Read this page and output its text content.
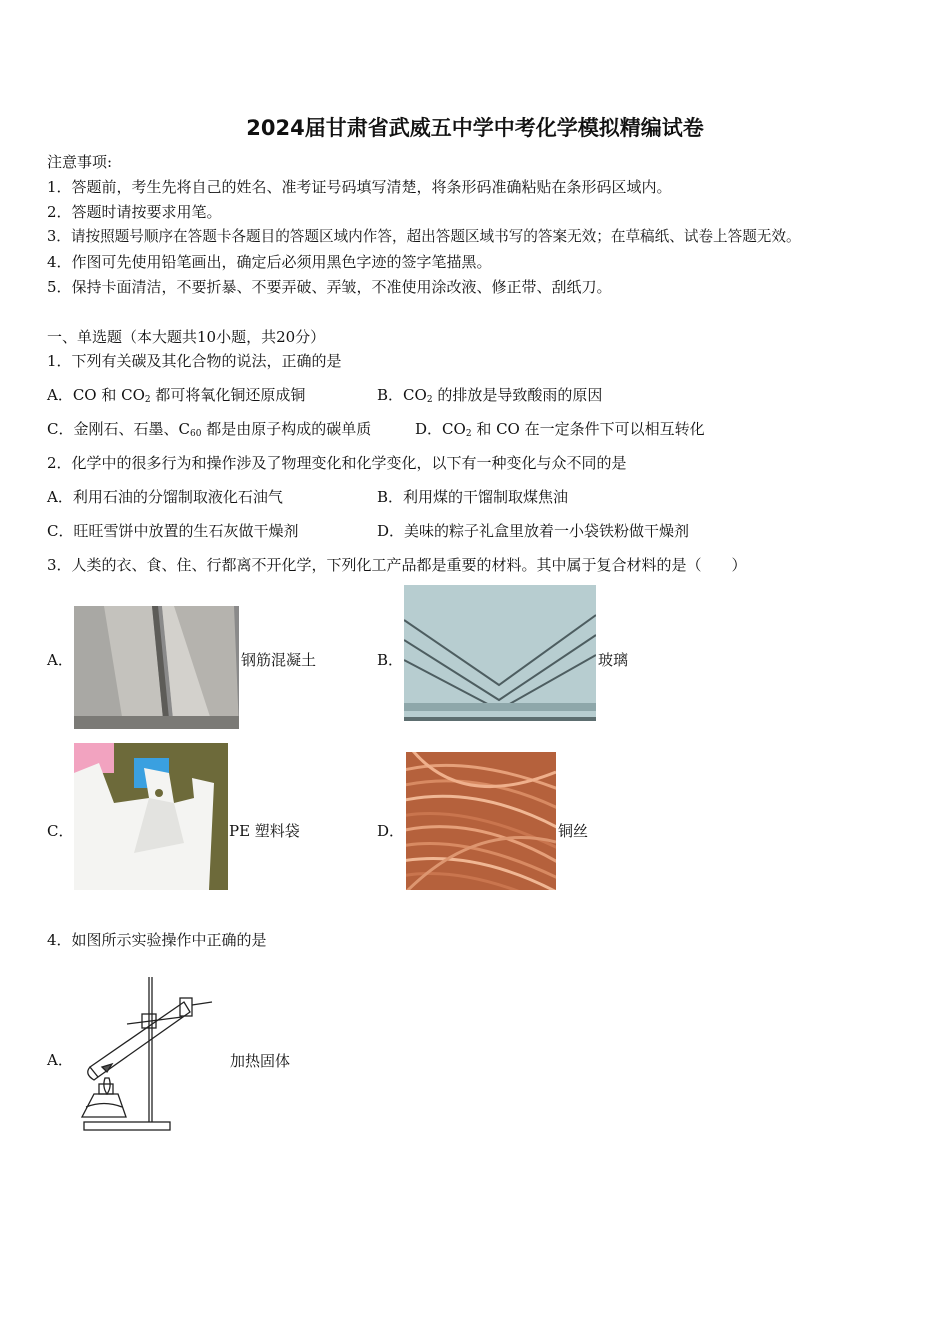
2024届甘肃省武威五中学中考化学模拟精编试卷
注意事项:
1．答题前，考生先将自己的姓名、准考证号码填写清楚，将条形码准确粘贴在条形码区域内。
2．答题时请按要求用笔。
3．请按照题号顺序在答题卡各题目的答题区域内作答，超出答题区域书写的答案无效；在草稿纸、试卷上答题无效。
4．作图可先使用铅笔画出，确定后必须用黑色字迹的签字笔描黑。
5．保持卡面清洁，不要折暴、不要弄破、弄皱，不准使用涂改液、修正带、刮纸刀。
一、单选题（本大题共10小题，共20分）
1．下列有关碳及其化合物的说法，正确的是
A．CO 和 $CO_2$ 都可将氧化铜还原成铜	B．$CO_2$ 的排放是导致酸雨的原因
C．金刚石、石墨、$C_{60}$ 都是由原子构成的碳单质	D．$CO_2$ 和 CO 在一定条件下可以相互转化
2．化学中的很多行为和操作涉及了物理变化和化学变化，以下有一种变化与众不同的是
A．利用石油的分馏制取液化石油气	B．利用煤的干馏制取煤焦油
C．旺旺雪饼中放置的生石灰做干燥剂	D．美味的粽子礼盒里放着一小袋铁粉做干燥剂
3．人类的衣、食、住、行都离不开化学，下列化工产品都是重要的材料。其中属于复合材料的是（　　）
A．	钢筋混凝土	B．	玻璃
C．	PE 塑料袋	D．	铜丝
4．如图所示实验操作中正确的是
A．	加热固体
